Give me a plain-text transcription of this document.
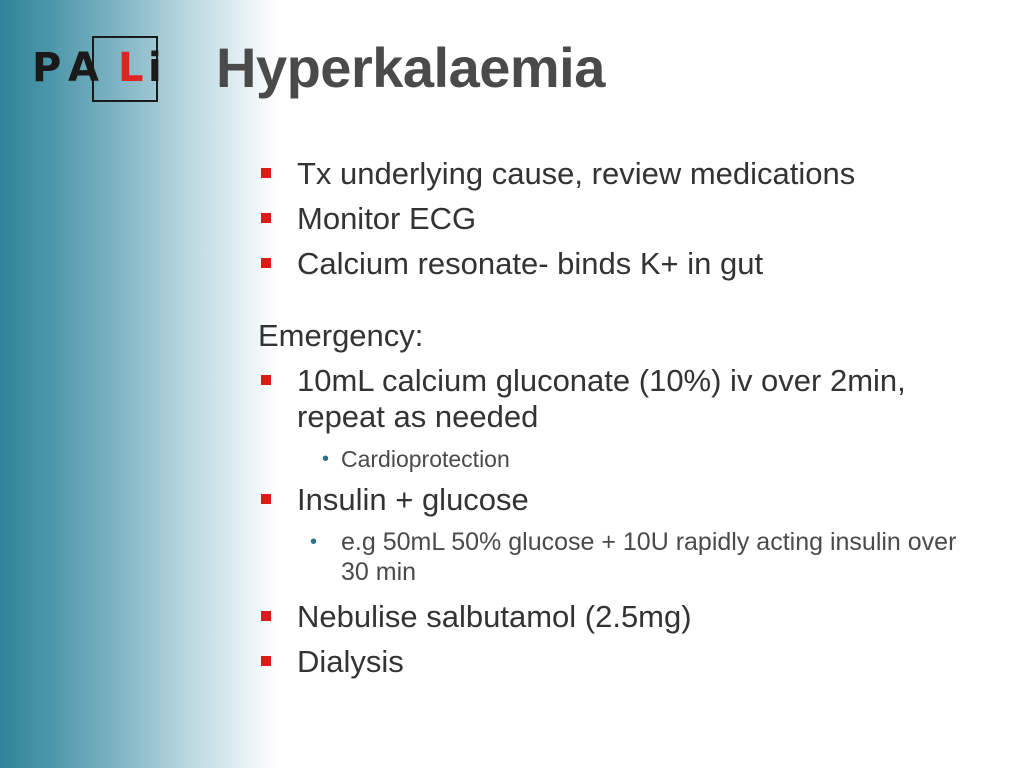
P A L i Hyperkalaemia
Tx underlying cause, review medications
Monitor ECG
Calcium resonate- binds K+ in gut
Emergency:
10mL calcium gluconate (10%) iv over 2min, repeat as needed
• Cardioprotection
Insulin + glucose
• e.g 50mL 50% glucose + 10U rapidly acting insulin over 30 min
Nebulise salbutamol (2.5mg)
Dialysis
